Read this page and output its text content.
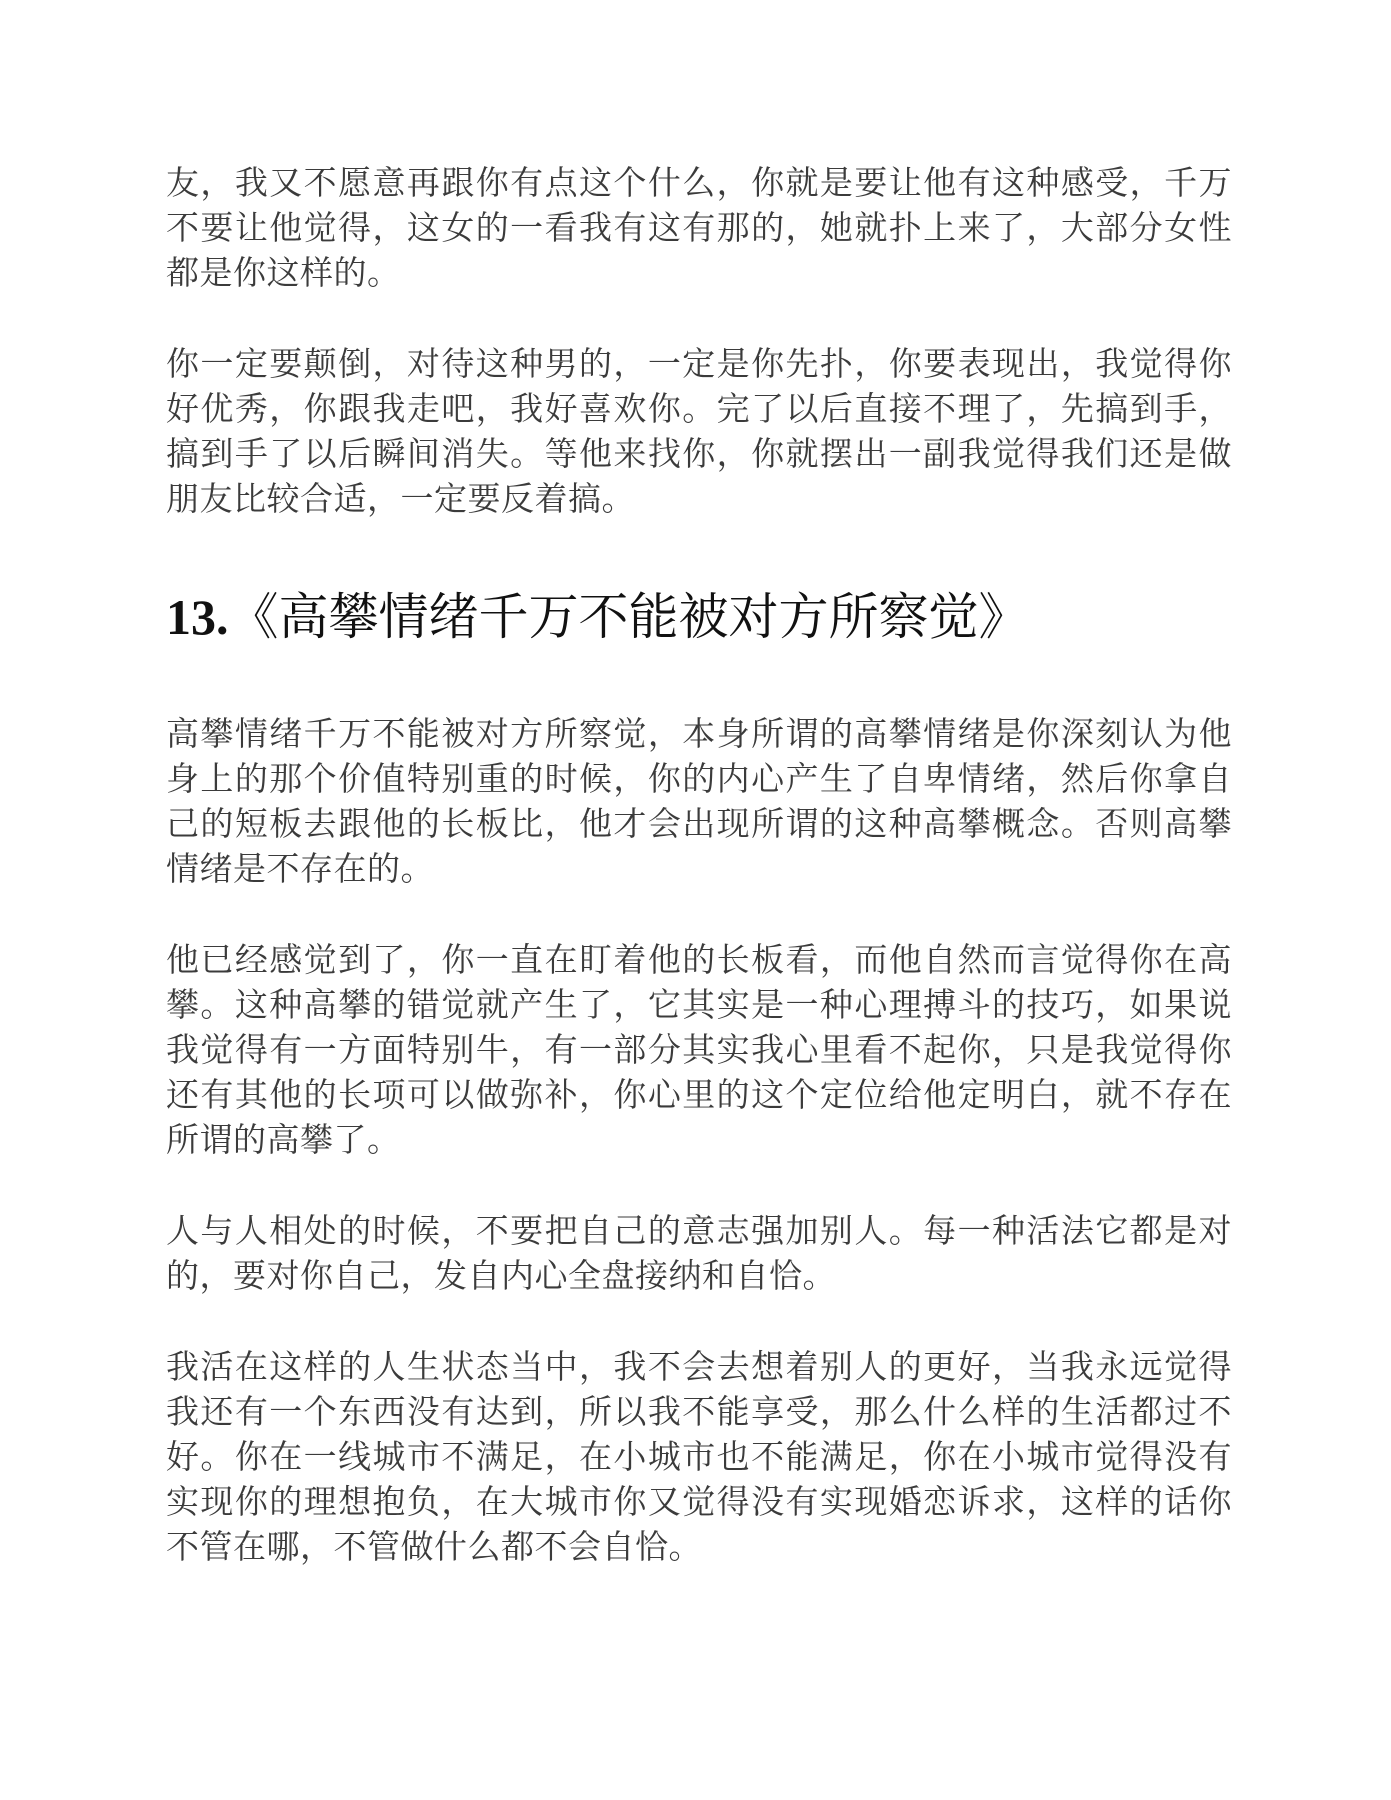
友，我又不愿意再跟你有点这个什么，你就是要让他有这种感受，千万不要让他觉得，这女的一看我有这有那的，她就扑上来了，大部分女性都是你这样的。

你一定要颠倒，对待这种男的，一定是你先扑，你要表现出，我觉得你好优秀，你跟我走吧，我好喜欢你。完了以后直接不理了，先搞到手，搞到手了以后瞬间消失。等他来找你，你就摆出一副我觉得我们还是做朋友比较合适，一定要反着搞。

13.《高攀情绪千万不能被对方所察觉》

高攀情绪千万不能被对方所察觉，本身所谓的高攀情绪是你深刻认为他身上的那个价值特别重的时候，你的内心产生了自卑情绪，然后你拿自己的短板去跟他的长板比，他才会出现所谓的这种高攀概念。否则高攀情绪是不存在的。

他已经感觉到了，你一直在盯着他的长板看，而他自然而言觉得你在高攀。这种高攀的错觉就产生了，它其实是一种心理搏斗的技巧，如果说我觉得有一方面特别牛，有一部分其实我心里看不起你，只是我觉得你还有其他的长项可以做弥补，你心里的这个定位给他定明白，就不存在所谓的高攀了。

人与人相处的时候，不要把自己的意志强加别人。每一种活法它都是对的，要对你自己，发自内心全盘接纳和自恰。

我活在这样的人生状态当中，我不会去想着别人的更好，当我永远觉得我还有一个东西没有达到，所以我不能享受，那么什么样的生活都过不好。你在一线城市不满足，在小城市也不能满足，你在小城市觉得没有实现你的理想抱负，在大城市你又觉得没有实现婚恋诉求，这样的话你不管在哪，不管做什么都不会自恰。
